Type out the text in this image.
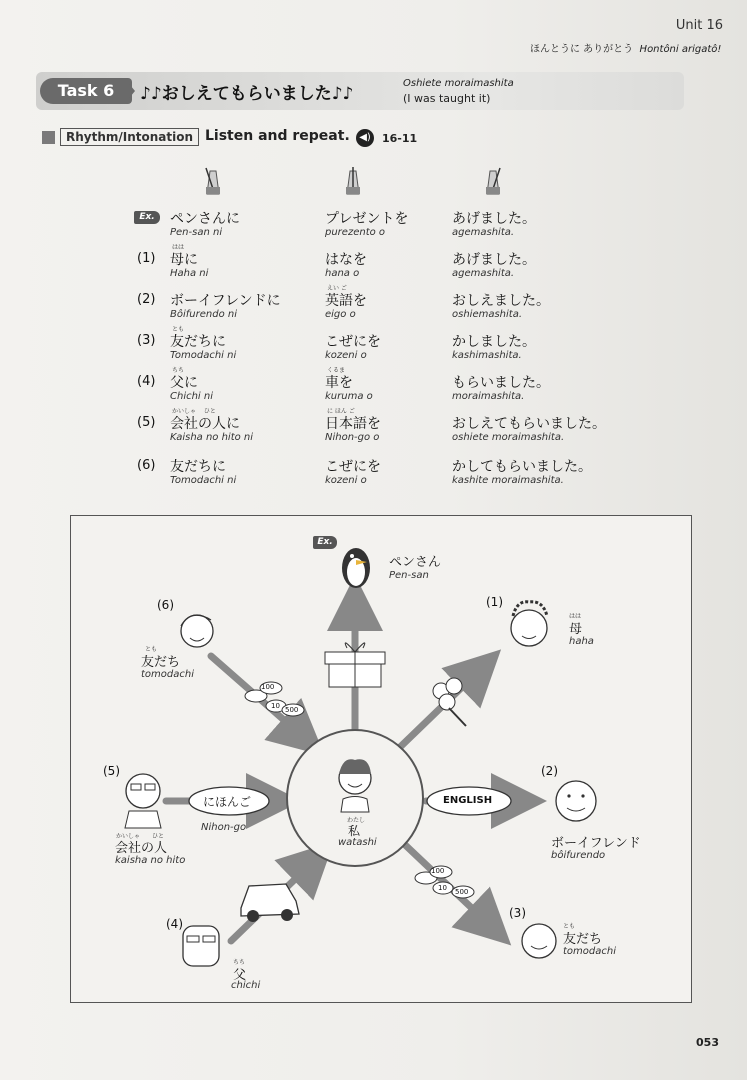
Unit 16
ほんとうに ありがとう Hontôni arigatô!
Task 6	♪♪おしえてもらいました♪♪
Oshiete moraimashita
(I was taught it)
Rhythm/Intonation Listen and repeat. ◀) 16-11
Ex.	ペンさんに
Pen-san ni
プレゼントを
purezento o
あげました。
agemashita.
(1)
はは
母に
Haha ni
はなを
hana o
あげました。
agemashita.
(2) ボーイフレンドに
Bôifurendo ni
えい ご
英語を
eigo o
おしえました。
oshiemashita.
(3)
とも
友だちに
Tomodachi ni
こぜにを
kozeni o
かしました。
kashimashita.
(4)
ちち
父に
Chichi ni
くるま
車を
kuruma o
もらいました。
moraimashita.
(5)
かいしゃ　 ひと
会社の人に
Kaisha no hito ni
に ほん ご
日本語を
Nihon-go o
おしえてもらいました。
oshiete moraimashita.
(6) 友だちに
Tomodachi ni
こぜにを
kozeni o
かしてもらいました。
kashite moraimashita.
100
10 500
100
10 500
Ex.
ペンさん
Pen-san
わたし
私
watashi
にほんご
Nihon-go
ENGLISH
(6)
とも
友だち
tomodachi
(1)
はは
母
haha
(5)
かいしゃ　　ひと
会社の人
kaisha no hito
(2)
ボーイフレンド
bôifurendo
(4)
ちち
父
chichi
(3)
とも
友だち
tomodachi
053
